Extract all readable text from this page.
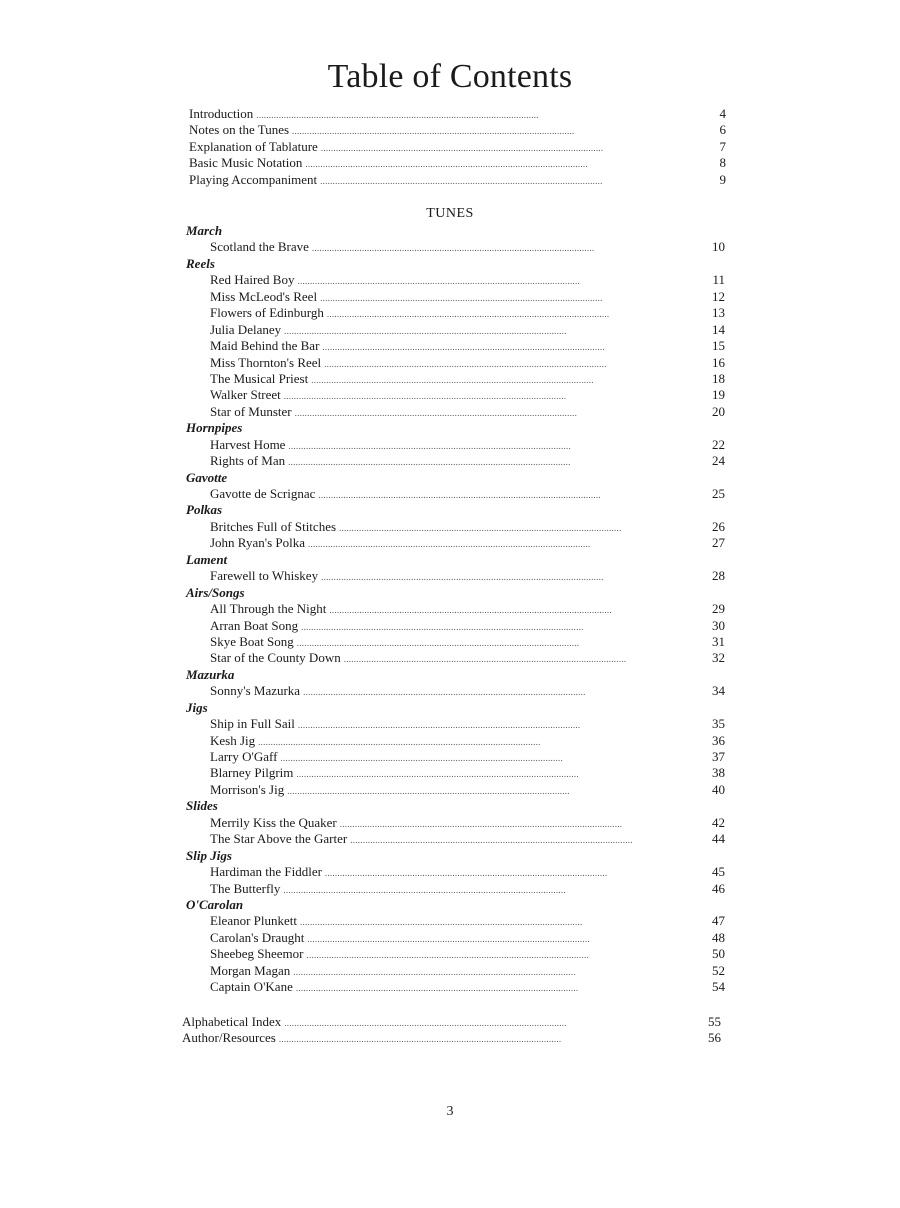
Table of Contents
Introduction . . .	4
Notes on the Tunes . . .	6
Explanation of Tablature . . .	7
Basic Music Notation . . .	8
Playing Accompaniment . . .	9
TUNES
March
Scotland the Brave . . .	10
Reels
Red Haired Boy . . .	11
Miss McLeod's Reel . . .	12
Flowers of Edinburgh . . .	13
Julia Delaney . . .	14
Maid Behind the Bar . . .	15
Miss Thornton's Reel . . .	16
The Musical Priest . . .	18
Walker Street . . .	19
Star of Munster . . .	20
Hornpipes
Harvest Home . . .	22
Rights of Man . . .	24
Gavotte
Gavotte de Scrignac . . .	25
Polkas
Britches Full of Stitches . . .	26
John Ryan's Polka . . .	27
Lament
Farewell to Whiskey . . .	28
Airs/Songs
All Through the Night . . .	29
Arran Boat Song . . .	30
Skye Boat Song . . .	31
Star of the County Down . . .	32
Mazurka
Sonny's Mazurka . . .	34
Jigs
Ship in Full Sail . . .	35
Kesh Jig . . .	36
Larry O'Gaff . . .	37
Blarney Pilgrim . . .	38
Morrison's Jig . . .	40
Slides
Merrily Kiss the Quaker . . .	42
The Star Above the Garter . . .	44
Slip Jigs
Hardiman the Fiddler . . .	45
The Butterfly . . .	46
O'Carolan
Eleanor Plunkett . . .	47
Carolan's Draught . . .	48
Sheebeg Sheemor . . .	50
Morgan Magan . . .	52
Captain O'Kane . . .	54
Alphabetical Index . . .	55
Author/Resources . . .	56
3
